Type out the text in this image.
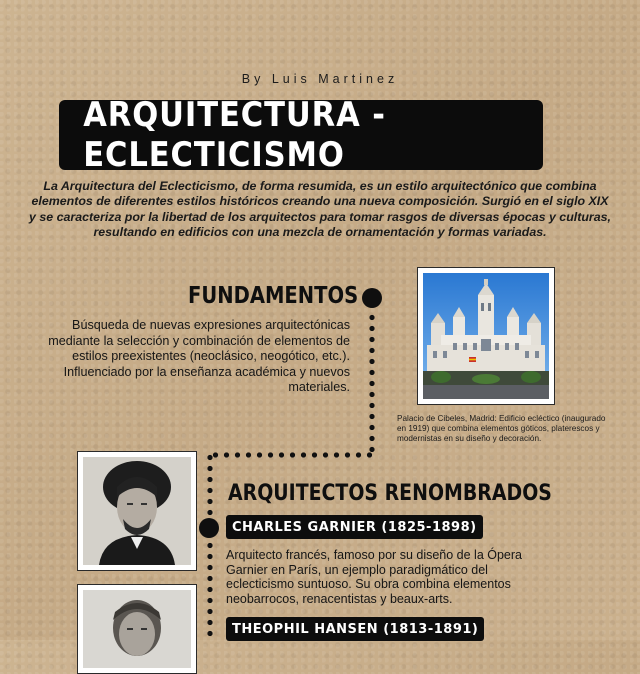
By Luis Martinez
ARQUITECTURA - ECLECTICISMO
La Arquitectura del Eclecticismo, de forma resumida, es un estilo arquitectónico que combina elementos de diferentes estilos históricos creando una nueva composición. Surgió en el siglo XIX y se caracteriza por la libertad de los arquitectos para tomar rasgos de diversas épocas y culturas, resultando en edificios con una mezcla de ornamentación y formas variadas.
FUNDAMENTOS
Búsqueda de nuevas expresiones arquitectónicas mediante la selección y combinación de elementos de estilos preexistentes (neoclásico, neogótico, etc.). Influenciado por la enseñanza académica y nuevos materiales.
Palacio de Cibeles, Madrid: Edificio ecléctico (inaugurado en 1919) que combina elementos góticos, platerescos y modernistas en su diseño y decoración.
ARQUITECTOS RENOMBRADOS
CHARLES GARNIER (1825-1898)
Arquitecto francés, famoso por su diseño de la Ópera Garnier en París, un ejemplo paradigmático del eclecticismo suntuoso. Su obra combina elementos neobarrocos, renacentistas y beaux-arts.
THEOPHIL HANSEN (1813-1891)
